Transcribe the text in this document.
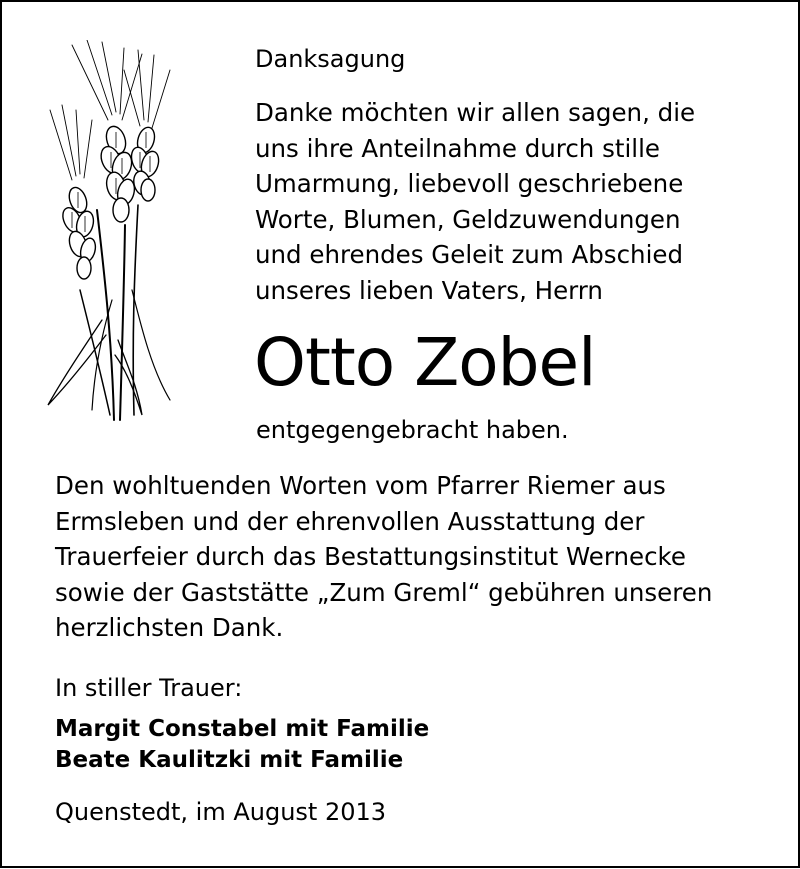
Danksagung
Danke möchten wir allen sagen, die
uns ihre Anteilnahme durch stille
Umarmung, liebevoll geschriebene
Worte, Blumen, Geldzuwendungen
und ehrendes Geleit zum Abschied
unseres lieben Vaters, Herrn
Otto Zobel
entgegengebracht haben.
Den wohltuenden Worten vom Pfarrer Riemer aus
Ermsleben und der ehrenvollen Ausstattung der
Trauerfeier durch das Bestattungsinstitut Wernecke
sowie der Gaststätte „Zum Greml“ gebühren unseren
herzlichsten Dank.
In stiller Trauer:
Margit Constabel mit Familie
Beate Kaulitzki mit Familie
Quenstedt, im August 2013
